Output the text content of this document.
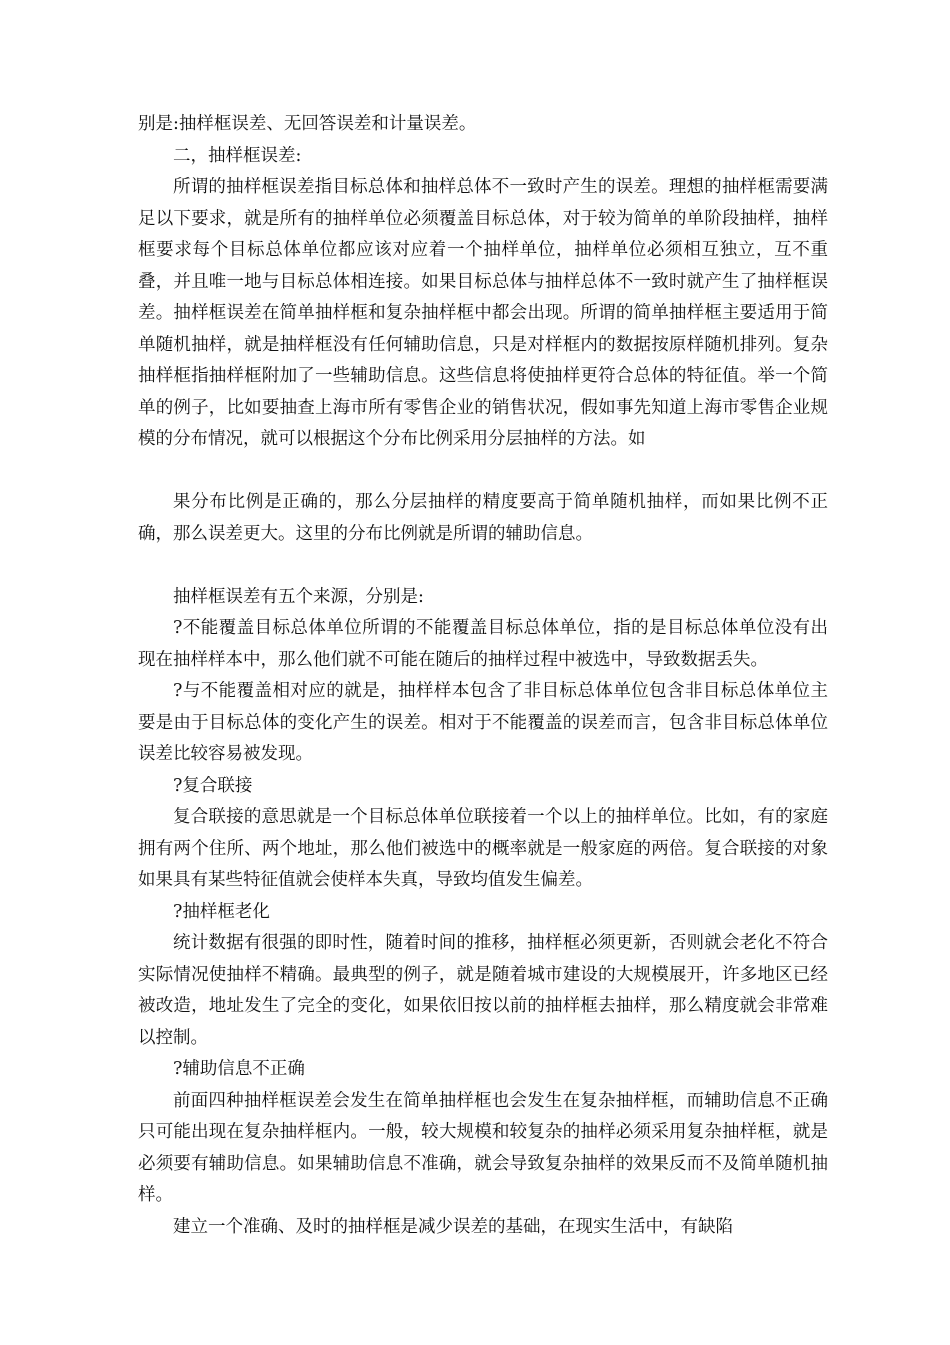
别是:抽样框误差、无回答误差和计量误差。

二，抽样框误差:

所谓的抽样框误差指目标总体和抽样总体不一致时产生的误差。理想的抽样框需要满足以下要求，就是所有的抽样单位必须覆盖目标总体，对于较为简单的单阶段抽样，抽样框要求每个目标总体单位都应该对应着一个抽样单位，抽样单位必须相互独立，互不重叠，并且唯一地与目标总体相连接。如果目标总体与抽样总体不一致时就产生了抽样框误差。抽样框误差在简单抽样框和复杂抽样框中都会出现。所谓的简单抽样框主要适用于简单随机抽样，就是抽样框没有任何辅助信息，只是对样框内的数据按原样随机排列。复杂抽样框指抽样框附加了一些辅助信息。这些信息将使抽样更符合总体的特征值。举一个简单的例子，比如要抽查上海市所有零售企业的销售状况，假如事先知道上海市零售企业规模的分布情况，就可以根据这个分布比例采用分层抽样的方法。如

果分布比例是正确的，那么分层抽样的精度要高于简单随机抽样，而如果比例不正确，那么误差更大。这里的分布比例就是所谓的辅助信息。

抽样框误差有五个来源，分别是:

?不能覆盖目标总体单位所谓的不能覆盖目标总体单位，指的是目标总体单位没有出现在抽样样本中，那么他们就不可能在随后的抽样过程中被选中，导致数据丢失。

?与不能覆盖相对应的就是，抽样样本包含了非目标总体单位包含非目标总体单位主要是由于目标总体的变化产生的误差。相对于不能覆盖的误差而言，包含非目标总体单位误差比较容易被发现。

?复合联接

复合联接的意思就是一个目标总体单位联接着一个以上的抽样单位。比如，有的家庭拥有两个住所、两个地址，那么他们被选中的概率就是一般家庭的两倍。复合联接的对象如果具有某些特征值就会使样本失真，导致均值发生偏差。

?抽样框老化

统计数据有很强的即时性，随着时间的推移，抽样框必须更新，否则就会老化不符合实际情况使抽样不精确。最典型的例子，就是随着城市建设的大规模展开，许多地区已经被改造，地址发生了完全的变化，如果依旧按以前的抽样框去抽样，那么精度就会非常难以控制。

?辅助信息不正确

前面四种抽样框误差会发生在简单抽样框也会发生在复杂抽样框，而辅助信息不正确只可能出现在复杂抽样框内。一般，较大规模和较复杂的抽样必须采用复杂抽样框，就是必须要有辅助信息。如果辅助信息不准确，就会导致复杂抽样的效果反而不及简单随机抽样。

建立一个准确、及时的抽样框是减少误差的基础，在现实生活中，有缺陷
